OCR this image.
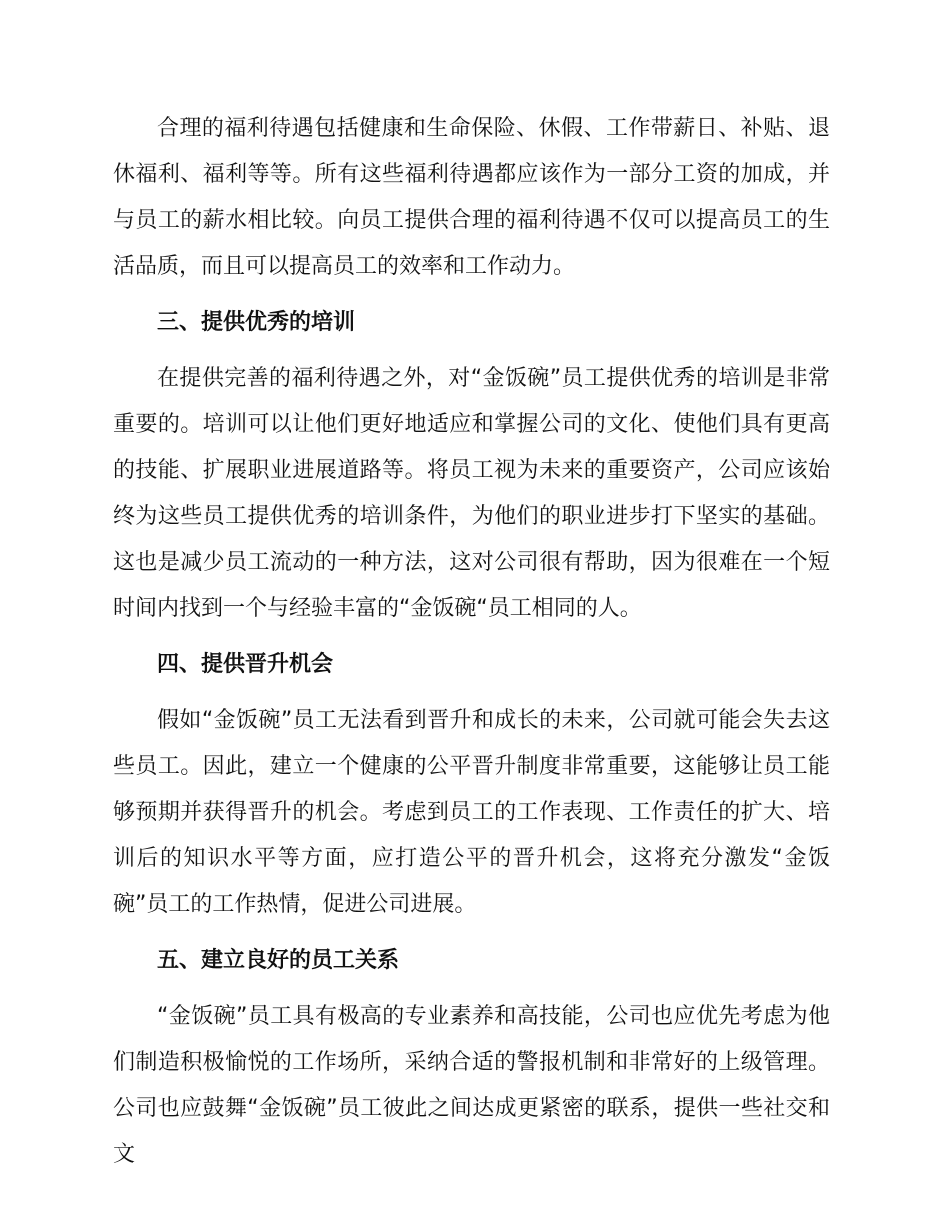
合理的福利待遇包括健康和生命保险、休假、工作带薪日、补贴、退休福利、福利等等。所有这些福利待遇都应该作为一部分工资的加成，并与员工的薪水相比较。向员工提供合理的福利待遇不仅可以提高员工的生活品质，而且可以提高员工的效率和工作动力。

三、提供优秀的培训

在提供完善的福利待遇之外，对“金饭碗”员工提供优秀的培训是非常重要的。培训可以让他们更好地适应和掌握公司的文化、使他们具有更高的技能、扩展职业进展道路等。将员工视为未来的重要资产，公司应该始终为这些员工提供优秀的培训条件，为他们的职业进步打下坚实的基础。这也是减少员工流动的一种方法，这对公司很有帮助，因为很难在一个短时间内找到一个与经验丰富的“金饭碗“员工相同的人。

四、提供晋升机会

假如“金饭碗”员工无法看到晋升和成长的未来，公司就可能会失去这些员工。因此，建立一个健康的公平晋升制度非常重要，这能够让员工能够预期并获得晋升的机会。考虑到员工的工作表现、工作责任的扩大、培训后的知识水平等方面，应打造公平的晋升机会，这将充分激发“金饭碗”员工的工作热情，促进公司进展。

五、建立良好的员工关系

“金饭碗”员工具有极高的专业素养和高技能，公司也应优先考虑为他们制造积极愉悦的工作场所，采纳合适的警报机制和非常好的上级管理。公司也应鼓舞“金饭碗”员工彼此之间达成更紧密的联系，提供一些社交和文
